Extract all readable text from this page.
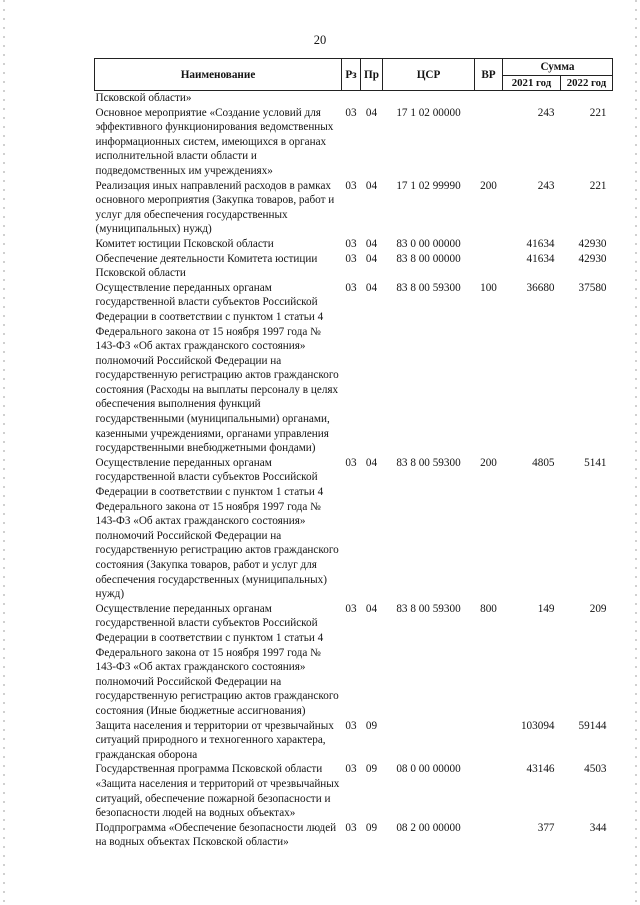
20
Наименование	Рз	Пр	ЦСР	ВР	Сумма	
					2021 год	2022 год
Псковской области»						
Основное мероприятие «Создание условий для эффективного функционирования ведомственных информационных систем, имеющихся в органах исполнительной власти области и подведомственных им учреждениях»	03	04	17 1 02 00000		243	221
Реализация иных направлений расходов в рамках основного мероприятия (Закупка товаров, работ и услуг для обеспечения государственных (муниципальных) нужд)	03	04	17 1 02 99990	200	243	221
Комитет юстиции Псковской области	03	04	83 0 00 00000		41634	42930
Обеспечение деятельности Комитета юстиции Псковской области	03	04	83 8 00 00000		41634	42930
Осуществление переданных органам государственной власти субъектов Российской Федерации в соответствии с пунктом 1 статьи 4 Федерального закона от 15 ноября 1997 года № 143-ФЗ «Об актах гражданского состояния» полномочий Российской Федерации на государственную регистрацию актов гражданского состояния (Расходы на выплаты персоналу в целях обеспечения выполнения функций государственными (муниципальными) органами, казенными учреждениями, органами управления государственными внебюджетными фондами)	03	04	83 8 00 59300	100	36680	37580
Осуществление переданных органам государственной власти субъектов Российской Федерации в соответствии с пунктом 1 статьи 4 Федерального закона от 15 ноября 1997 года № 143-ФЗ «Об актах гражданского состояния» полномочий Российской Федерации на государственную регистрацию актов гражданского состояния (Закупка товаров, работ и услуг для обеспечения государственных (муниципальных) нужд)	03	04	83 8 00 59300	200	4805	5141
Осуществление переданных органам государственной власти субъектов Российской Федерации в соответствии с пунктом 1 статьи 4 Федерального закона от 15 ноября 1997 года № 143-ФЗ «Об актах гражданского состояния» полномочий Российской Федерации на государственную регистрацию актов гражданского состояния (Иные бюджетные ассигнования)	03	04	83 8 00 59300	800	149	209
Защита населения и территории от чрезвычайных ситуаций природного и техногенного характера, гражданская оборона	03	09			103094	59144
Государственная программа Псковской области «Защита населения и территорий от чрезвычайных ситуаций, обеспечение пожарной безопасности и безопасности людей на водных объектах»	03	09	08 0 00 00000		43146	4503
Подпрограмма «Обеспечение безопасности людей на водных объектах Псковской области»	03	09	08 2 00 00000		377	344
